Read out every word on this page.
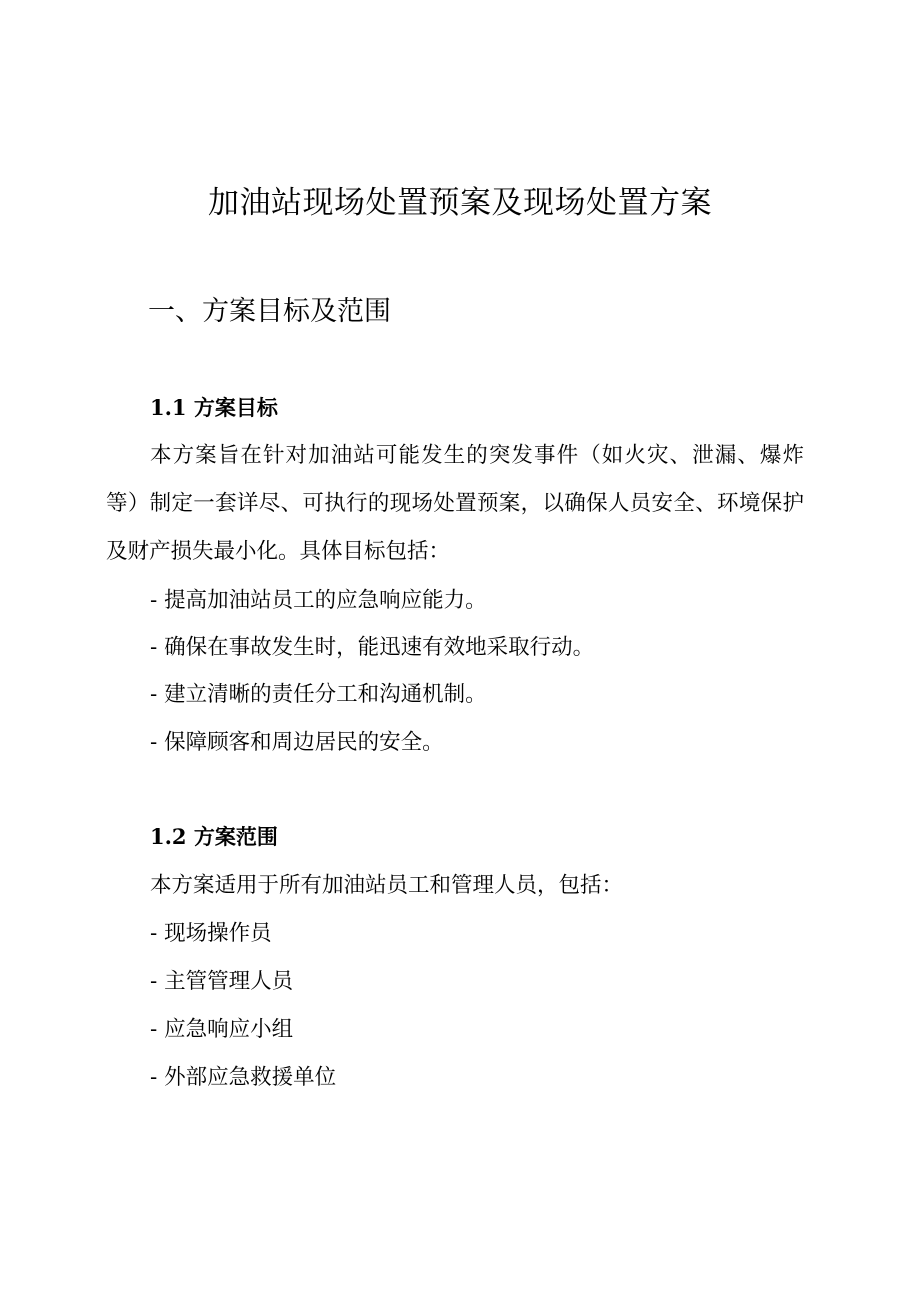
加油站现场处置预案及现场处置方案
一、方案目标及范围
1.1 方案目标

本方案旨在针对加油站可能发生的突发事件（如火灾、泄漏、爆炸等）制定一套详尽、可执行的现场处置预案，以确保人员安全、环境保护及财产损失最小化。具体目标包括：

- 提高加油站员工的应急响应能力。

- 确保在事故发生时，能迅速有效地采取行动。

- 建立清晰的责任分工和沟通机制。

- 保障顾客和周边居民的安全。

1.2 方案范围

本方案适用于所有加油站员工和管理人员，包括：

- 现场操作员

- 主管管理人员

- 应急响应小组

- 外部应急救援单位
